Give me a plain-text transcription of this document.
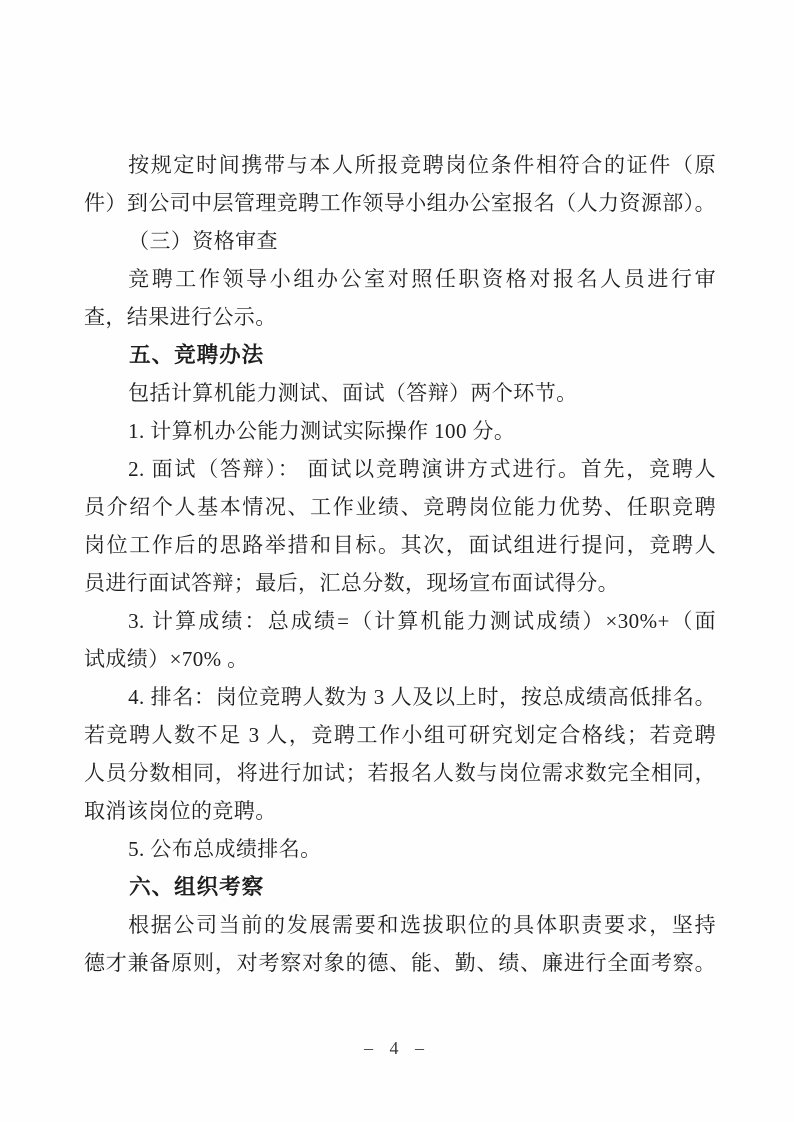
按规定时间携带与本人所报竞聘岗位条件相符合的证件（原
件）到公司中层管理竞聘工作领导小组办公室报名（人力资源部）。
（三）资格审查
竞聘工作领导小组办公室对照任职资格对报名人员进行审
查，结果进行公示。
五、竞聘办法
包括计算机能力测试、面试（答辩）两个环节。
1. 计算机办公能力测试实际操作 100 分。
2. 面试（答辩）： 面试以竞聘演讲方式进行。首先，竞聘人
员介绍个人基本情况、工作业绩、竞聘岗位能力优势、任职竞聘
岗位工作后的思路举措和目标。其次，面试组进行提问，竞聘人
员进行面试答辩；最后，汇总分数，现场宣布面试得分。
3. 计算成绩：总成绩=（计算机能力测试成绩）×30%+（面
试成绩）×70% 。
4. 排名：岗位竞聘人数为 3 人及以上时，按总成绩高低排名。
若竞聘人数不足 3 人，竞聘工作小组可研究划定合格线；若竞聘
人员分数相同，将进行加试；若报名人数与岗位需求数完全相同，
取消该岗位的竞聘。
5. 公布总成绩排名。
六、组织考察
根据公司当前的发展需要和选拔职位的具体职责要求，坚持
德才兼备原则，对考察对象的德、能、勤、绩、廉进行全面考察。
– 4 –
